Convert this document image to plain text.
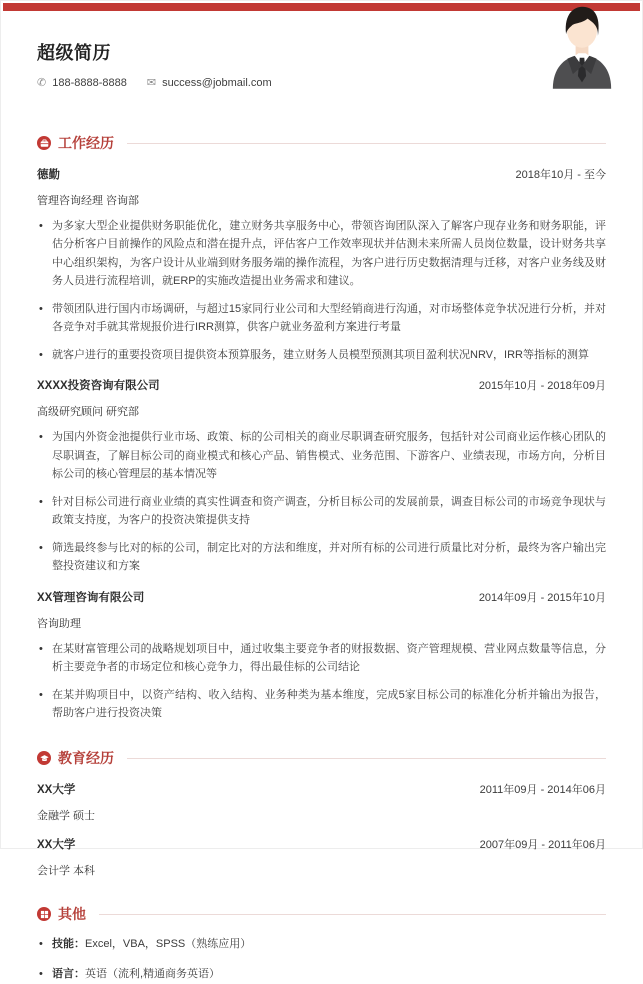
超级简历
✆ 188-8888-8888 ✉ success@jobmail.com
工作经历
德勤	2018年10月 - 至今
管理咨询经理 咨询部
• 为多家大型企业提供财务职能优化，建立财务共享服务中心，带领咨询团队深入了解客户现存业务和财务职能，评估分析客户目前操作的风险点和潜在提升点，评估客户工作效率现状并估测未来所需人员岗位数量，设计财务共享中心组织架构，为客户设计从业端到财务服务端的操作流程，为客户进行历史数据清理与迁移，对客户业务线及财务人员进行流程培训，就ERP的实施改造提出业务需求和建议。
• 带领团队进行国内市场调研，与超过15家同行业公司和大型经销商进行沟通，对市场整体竞争状况进行分析，并对各竞争对手就其常规报价进行IRR测算，供客户就业务盈利方案进行考量
• 就客户进行的重要投资项目提供资本预算服务，建立财务人员模型预测其项目盈利状况NRV，IRR等指标的测算
XXXX投资咨询有限公司	2015年10月 - 2018年09月
高级研究顾问 研究部
• 为国内外资金池提供行业市场、政策、标的公司相关的商业尽职调查研究服务，包括针对公司商业运作核心团队的尽职调查，了解目标公司的商业模式和核心产品、销售模式、业务范围、下游客户、业绩表现，市场方向，分析目标公司的核心管理层的基本情况等
• 针对目标公司进行商业业绩的真实性调查和资产调查，分析目标公司的发展前景，调查目标公司的市场竞争现状与政策支持度，为客户的投资决策提供支持
• 筛选最终参与比对的标的公司，制定比对的方法和维度，并对所有标的公司进行质量比对分析，最终为客户输出完整投资建议和方案
XX管理咨询有限公司	2014年09月 - 2015年10月
咨询助理
• 在某财富管理公司的战略规划项目中，通过收集主要竞争者的财报数据、资产管理规模、营业网点数量等信息，分析主要竞争者的市场定位和核心竞争力，得出最佳标的公司结论
• 在某并购项目中，以资产结构、收入结构、业务种类为基本维度，完成5家目标公司的标准化分析并输出为报告，帮助客户进行投资决策
教育经历
XX大学	2011年09月 - 2014年06月
金融学 硕士
XX大学	2007年09月 - 2011年06月
会计学 本科
其他
• 技能：Excel，VBA，SPSS（熟练应用）
• 语言：英语（流利,精通商务英语）
